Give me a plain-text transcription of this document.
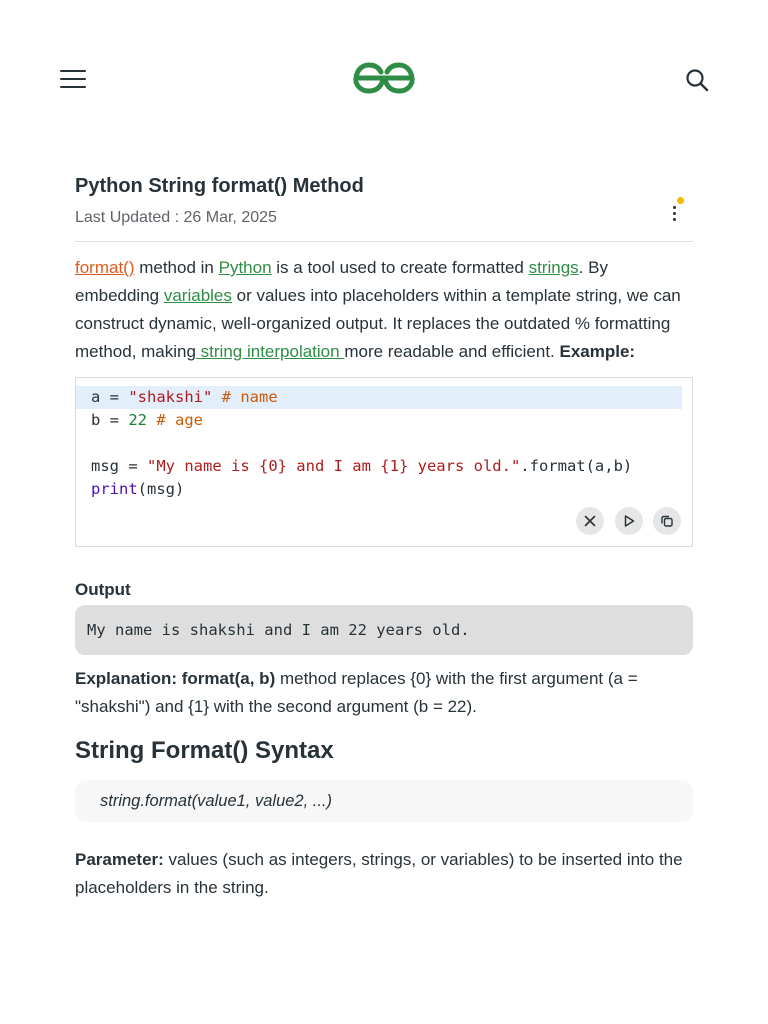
Python String format() Method
Last Updated : 26 Mar, 2025

format() method in Python is a tool used to create formatted strings. By embedding variables or values into placeholders within a template string, we can construct dynamic, well-organized output. It replaces the outdated % formatting method, making string interpolation more readable and efficient. Example:

a = "shakshi" # name
b = 22 # age
msg = "My name is {0} and I am {1} years old.".format(a,b)
print(msg)

Output
My name is shakshi and I am 22 years old.

Explanation: format(a, b) method replaces {0} with the first argument (a = "shakshi") and {1} with the second argument (b = 22).

String Format() Syntax
string.format(value1, value2, ...)

Parameter: values (such as integers, strings, or variables) to be inserted into the placeholders in the string.
